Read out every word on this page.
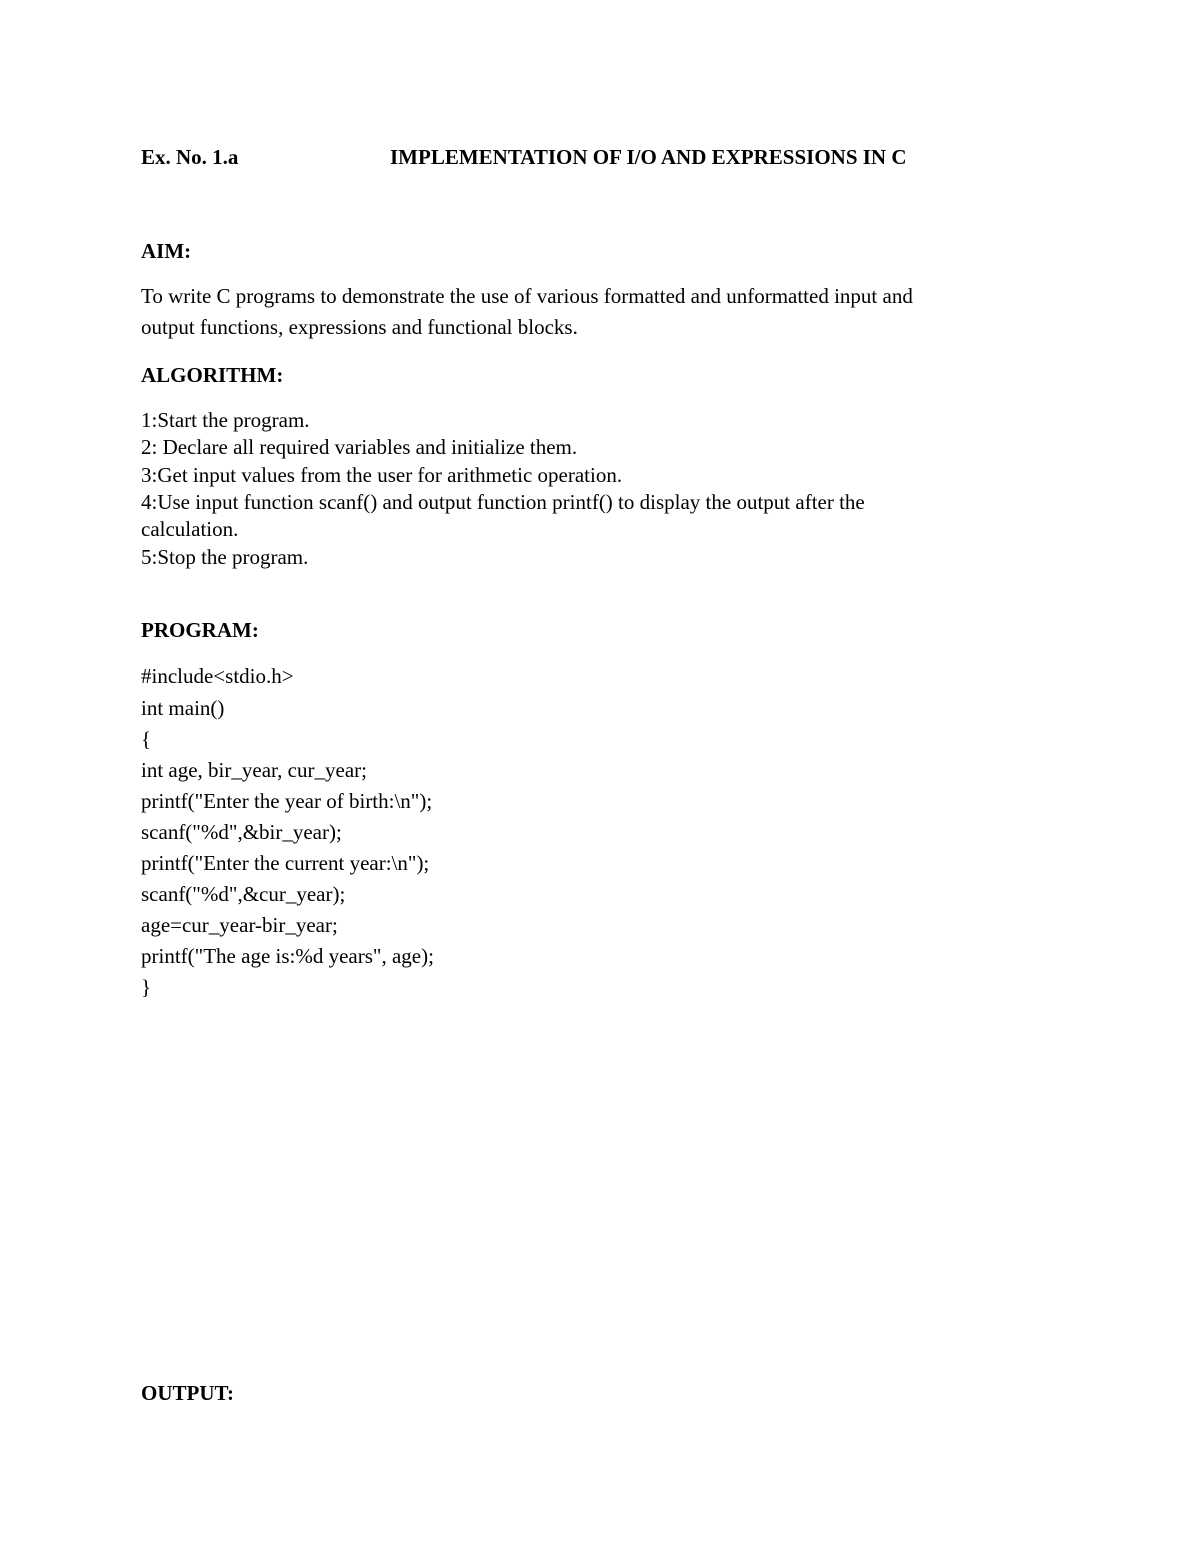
Ex. No. 1.a	IMPLEMENTATION OF I/O AND EXPRESSIONS IN C
AIM:
To write C programs to demonstrate the use of various formatted and unformatted input and
output functions, expressions and functional blocks.
ALGORITHM:
1:Start the program.
2: Declare all required variables and initialize them.
3:Get input values from the user for arithmetic operation.
4:Use input function scanf() and output function printf() to display the output after the
calculation.
5:Stop the program.
PROGRAM:
#include<stdio.h>
int main()
{
int age, bir_year, cur_year;
printf("Enter the year of birth:\n");
scanf("%d",&bir_year);
printf("Enter the current year:\n");
scanf("%d",&cur_year);
age=cur_year-bir_year;
printf("The age is:%d years", age);
}
OUTPUT:
